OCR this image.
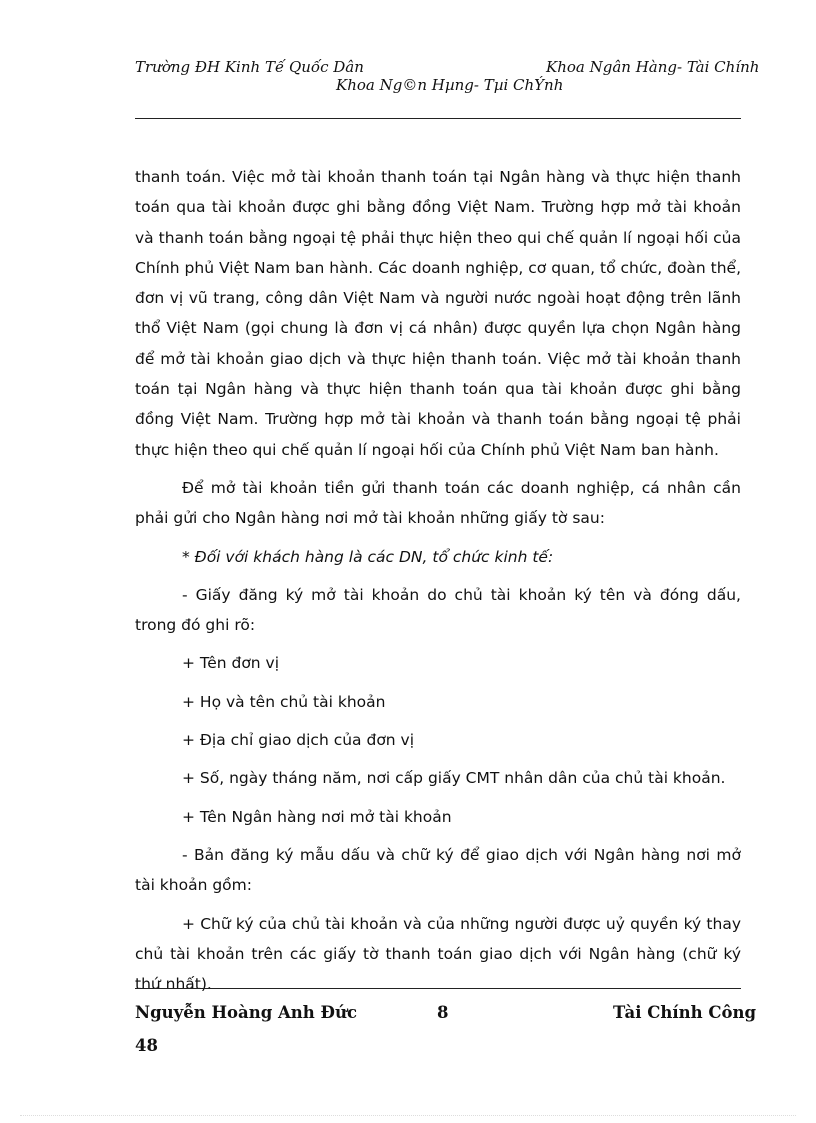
Trường ĐH Kinh Tế Quốc Dân	Khoa Ngân Hàng- Tài Chính
Khoa Ng©n Hµng- Tµi ChÝnh

thanh toán. Việc mở tài khoản thanh toán tại Ngân hàng và thực hiện thanh toán qua tài khoản được ghi bằng đồng Việt Nam. Trường hợp mở tài khoản và thanh toán bằng ngoại tệ phải thực hiện theo qui chế quản lí ngoại hối của Chính phủ Việt Nam ban hành. Các doanh nghiệp, cơ quan, tổ chức, đoàn thể, đơn vị vũ trang, công dân Việt Nam và người nước ngoài hoạt động trên lãnh thổ Việt Nam (gọi chung là đơn vị cá nhân) được quyền lựa chọn Ngân hàng để mở tài khoản giao dịch và thực hiện thanh toán. Việc mở tài khoản thanh toán tại Ngân hàng và thực hiện thanh toán qua tài khoản được ghi bằng đồng Việt Nam. Trường hợp mở tài khoản và thanh toán bằng ngoại tệ phải thực hiện theo qui chế quản lí ngoại hối của Chính phủ Việt Nam ban hành.

Để mở tài khoản tiền gửi thanh toán các doanh nghiệp, cá nhân cần phải gửi cho Ngân hàng nơi mở tài khoản những giấy tờ sau:

* Đối với khách hàng là các DN, tổ chức kinh tế:

- Giấy đăng ký mở tài khoản do chủ tài khoản ký tên và đóng dấu, trong đó ghi rõ:

+ Tên đơn vị

+ Họ và tên chủ tài khoản

+ Địa chỉ giao dịch của đơn vị

+ Số, ngày tháng năm, nơi cấp giấy CMT nhân dân của chủ tài khoản.

+ Tên Ngân hàng nơi mở tài khoản

- Bản đăng ký mẫu dấu và chữ ký để giao dịch với Ngân hàng nơi mở tài khoản gồm:

+ Chữ ký của chủ tài khoản và của những người được uỷ quyền ký thay chủ tài khoản trên các giấy tờ thanh toán giao dịch với Ngân hàng (chữ ký thứ nhất).

Nguyễn Hoàng Anh Đức	8	Tài Chính Công
48
